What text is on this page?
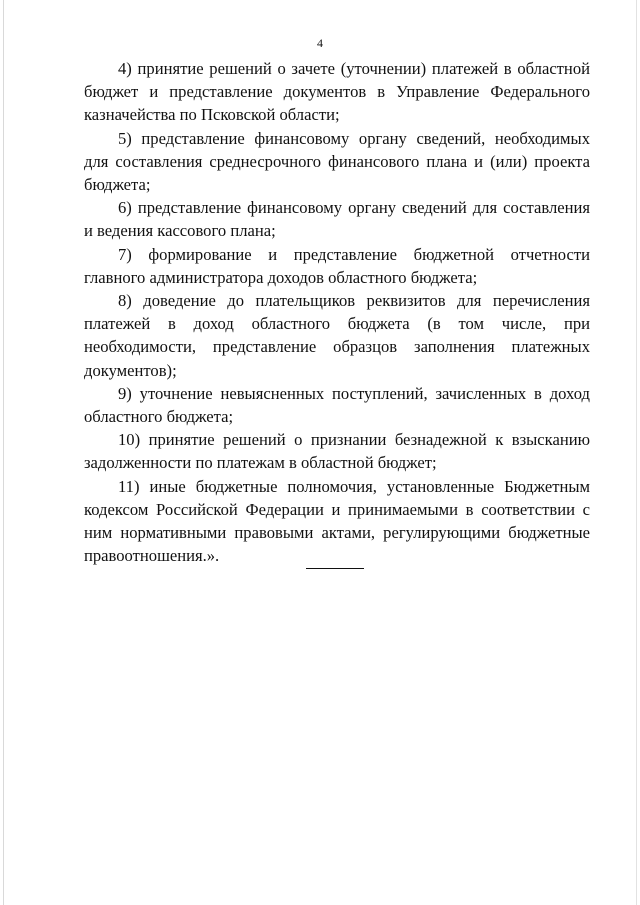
4

4) принятие решений о зачете (уточнении) платежей в областной бюджет и представление документов в Управление Федерального казначейства по Псковской области;

5) представление финансовому органу сведений, необходимых для составления среднесрочного финансового плана и (или) проекта бюджета;

6) представление финансовому органу сведений для составления и ведения кассового плана;

7) формирование и представление бюджетной отчетности главного администратора доходов областного бюджета;

8) доведение до плательщиков реквизитов для перечисления платежей в доход областного бюджета (в том числе, при необходимости, представление образцов заполнения платежных документов);

9) уточнение невыясненных поступлений, зачисленных в доход областного бюджета;

10) принятие решений о признании безнадежной к взысканию задолженности по платежам в областной бюджет;

11) иные бюджетные полномочия, установленные Бюджетным кодексом Российской Федерации и принимаемыми в соответствии с ним нормативными правовыми актами, регулирующими бюджетные правоотношения.».
